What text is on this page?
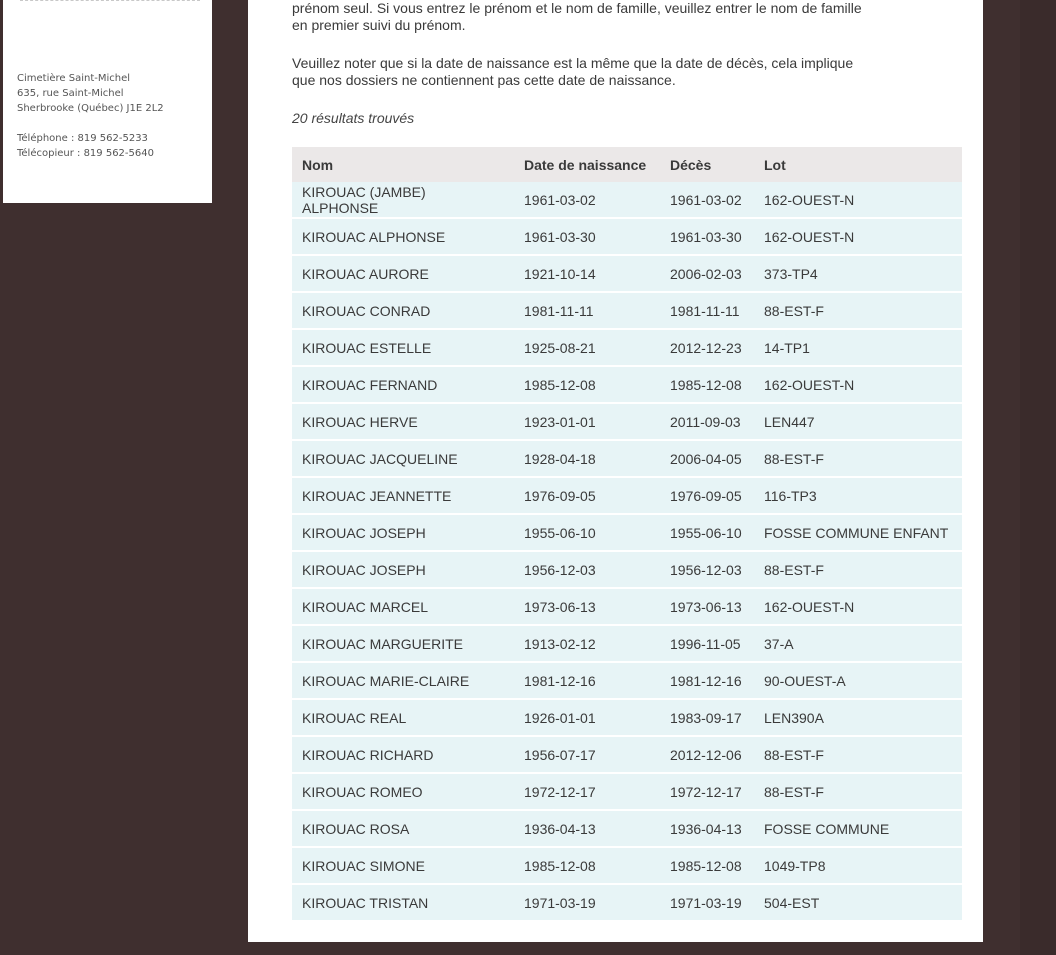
Cimetière Saint-Michel
635, rue Saint-Michel
Sherbrooke (Québec) J1E 2L2
Téléphone : 819 562-5233
Télécopieur : 819 562-5640

prénom seul. Si vous entrez le prénom et le nom de famille, veuillez entrer le nom de famille
en premier suivi du prénom.

Veuillez noter que si la date de naissance est la même que la date de décès, cela implique
que nos dossiers ne contiennent pas cette date de naissance.

20 résultats trouvés
Nom	Date de naissance	Décès	Lot
KIROUAC (JAMBE) ALPHONSE	1961-03-02	1961-03-02	162-OUEST-N
KIROUAC ALPHONSE	1961-03-30	1961-03-30	162-OUEST-N
KIROUAC AURORE	1921-10-14	2006-02-03	373-TP4
KIROUAC CONRAD	1981-11-11	1981-11-11	88-EST-F
KIROUAC ESTELLE	1925-08-21	2012-12-23	14-TP1
KIROUAC FERNAND	1985-12-08	1985-12-08	162-OUEST-N
KIROUAC HERVE	1923-01-01	2011-09-03	LEN447
KIROUAC JACQUELINE	1928-04-18	2006-04-05	88-EST-F
KIROUAC JEANNETTE	1976-09-05	1976-09-05	116-TP3
KIROUAC JOSEPH	1955-06-10	1955-06-10	FOSSE COMMUNE ENFANT
KIROUAC JOSEPH	1956-12-03	1956-12-03	88-EST-F
KIROUAC MARCEL	1973-06-13	1973-06-13	162-OUEST-N
KIROUAC MARGUERITE	1913-02-12	1996-11-05	37-A
KIROUAC MARIE-CLAIRE	1981-12-16	1981-12-16	90-OUEST-A
KIROUAC REAL	1926-01-01	1983-09-17	LEN390A
KIROUAC RICHARD	1956-07-17	2012-12-06	88-EST-F
KIROUAC ROMEO	1972-12-17	1972-12-17	88-EST-F
KIROUAC ROSA	1936-04-13	1936-04-13	FOSSE COMMUNE
KIROUAC SIMONE	1985-12-08	1985-12-08	1049-TP8
KIROUAC TRISTAN	1971-03-19	1971-03-19	504-EST
